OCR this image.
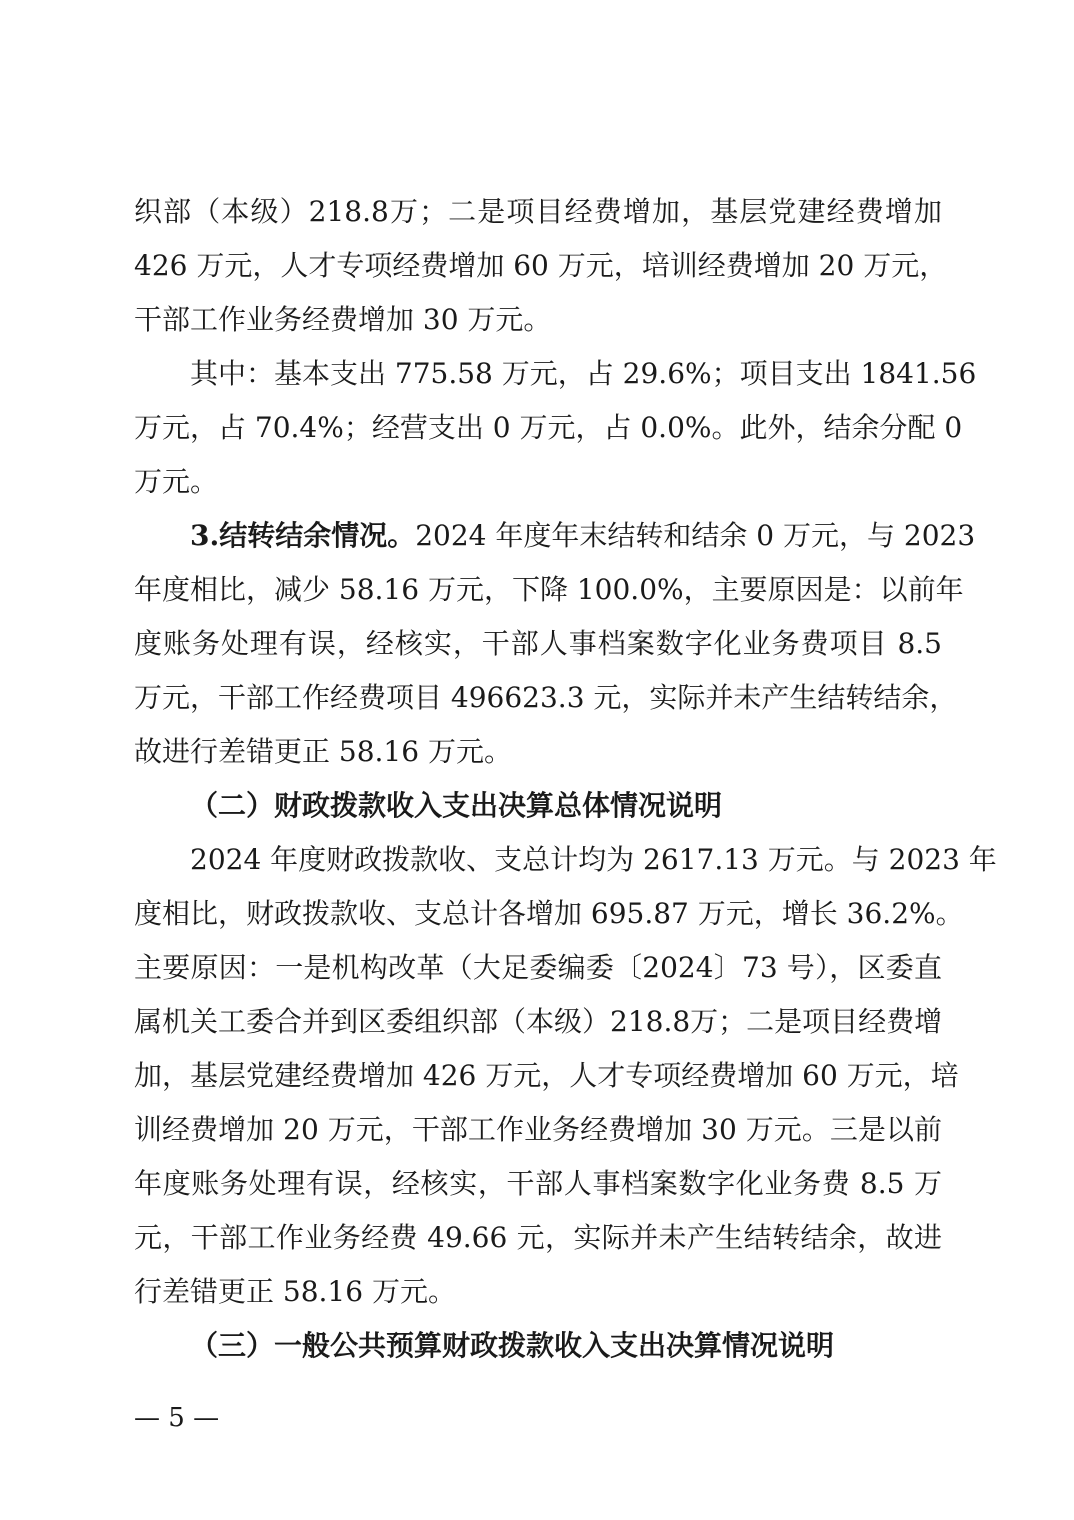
织部（本级）218.8万；二是项目经费增加，基层党建经费增加
426 万元，人才专项经费增加 60 万元，培训经费增加 20 万元，
干部工作业务经费增加 30 万元。
其中：基本支出 775.58 万元，占 29.6%；项目支出 1841.56
万元，占 70.4%；经营支出 0 万元，占 0.0%。此外，结余分配 0
万元。
3.结转结余情况。2024 年度年末结转和结余 0 万元，与 2023
年度相比，减少 58.16 万元，下降 100.0%，主要原因是：以前年
度账务处理有误，经核实，干部人事档案数字化业务费项目 8.5
万元，干部工作经费项目 496623.3 元，实际并未产生结转结余，
故进行差错更正 58.16 万元。
（二）财政拨款收入支出决算总体情况说明
2024 年度财政拨款收、支总计均为 2617.13 万元。与 2023 年
度相比，财政拨款收、支总计各增加 695.87 万元，增长 36.2%。
主要原因：一是机构改革（大足委编委〔2024〕73 号），区委直
属机关工委合并到区委组织部（本级）218.8万；二是项目经费增
加，基层党建经费增加 426 万元，人才专项经费增加 60 万元，培
训经费增加 20 万元，干部工作业务经费增加 30 万元。三是以前
年度账务处理有误，经核实，干部人事档案数字化业务费 8.5 万
元，干部工作业务经费 49.66 元，实际并未产生结转结余，故进
行差错更正 58.16 万元。
（三）一般公共预算财政拨款收入支出决算情况说明
— 5 —
